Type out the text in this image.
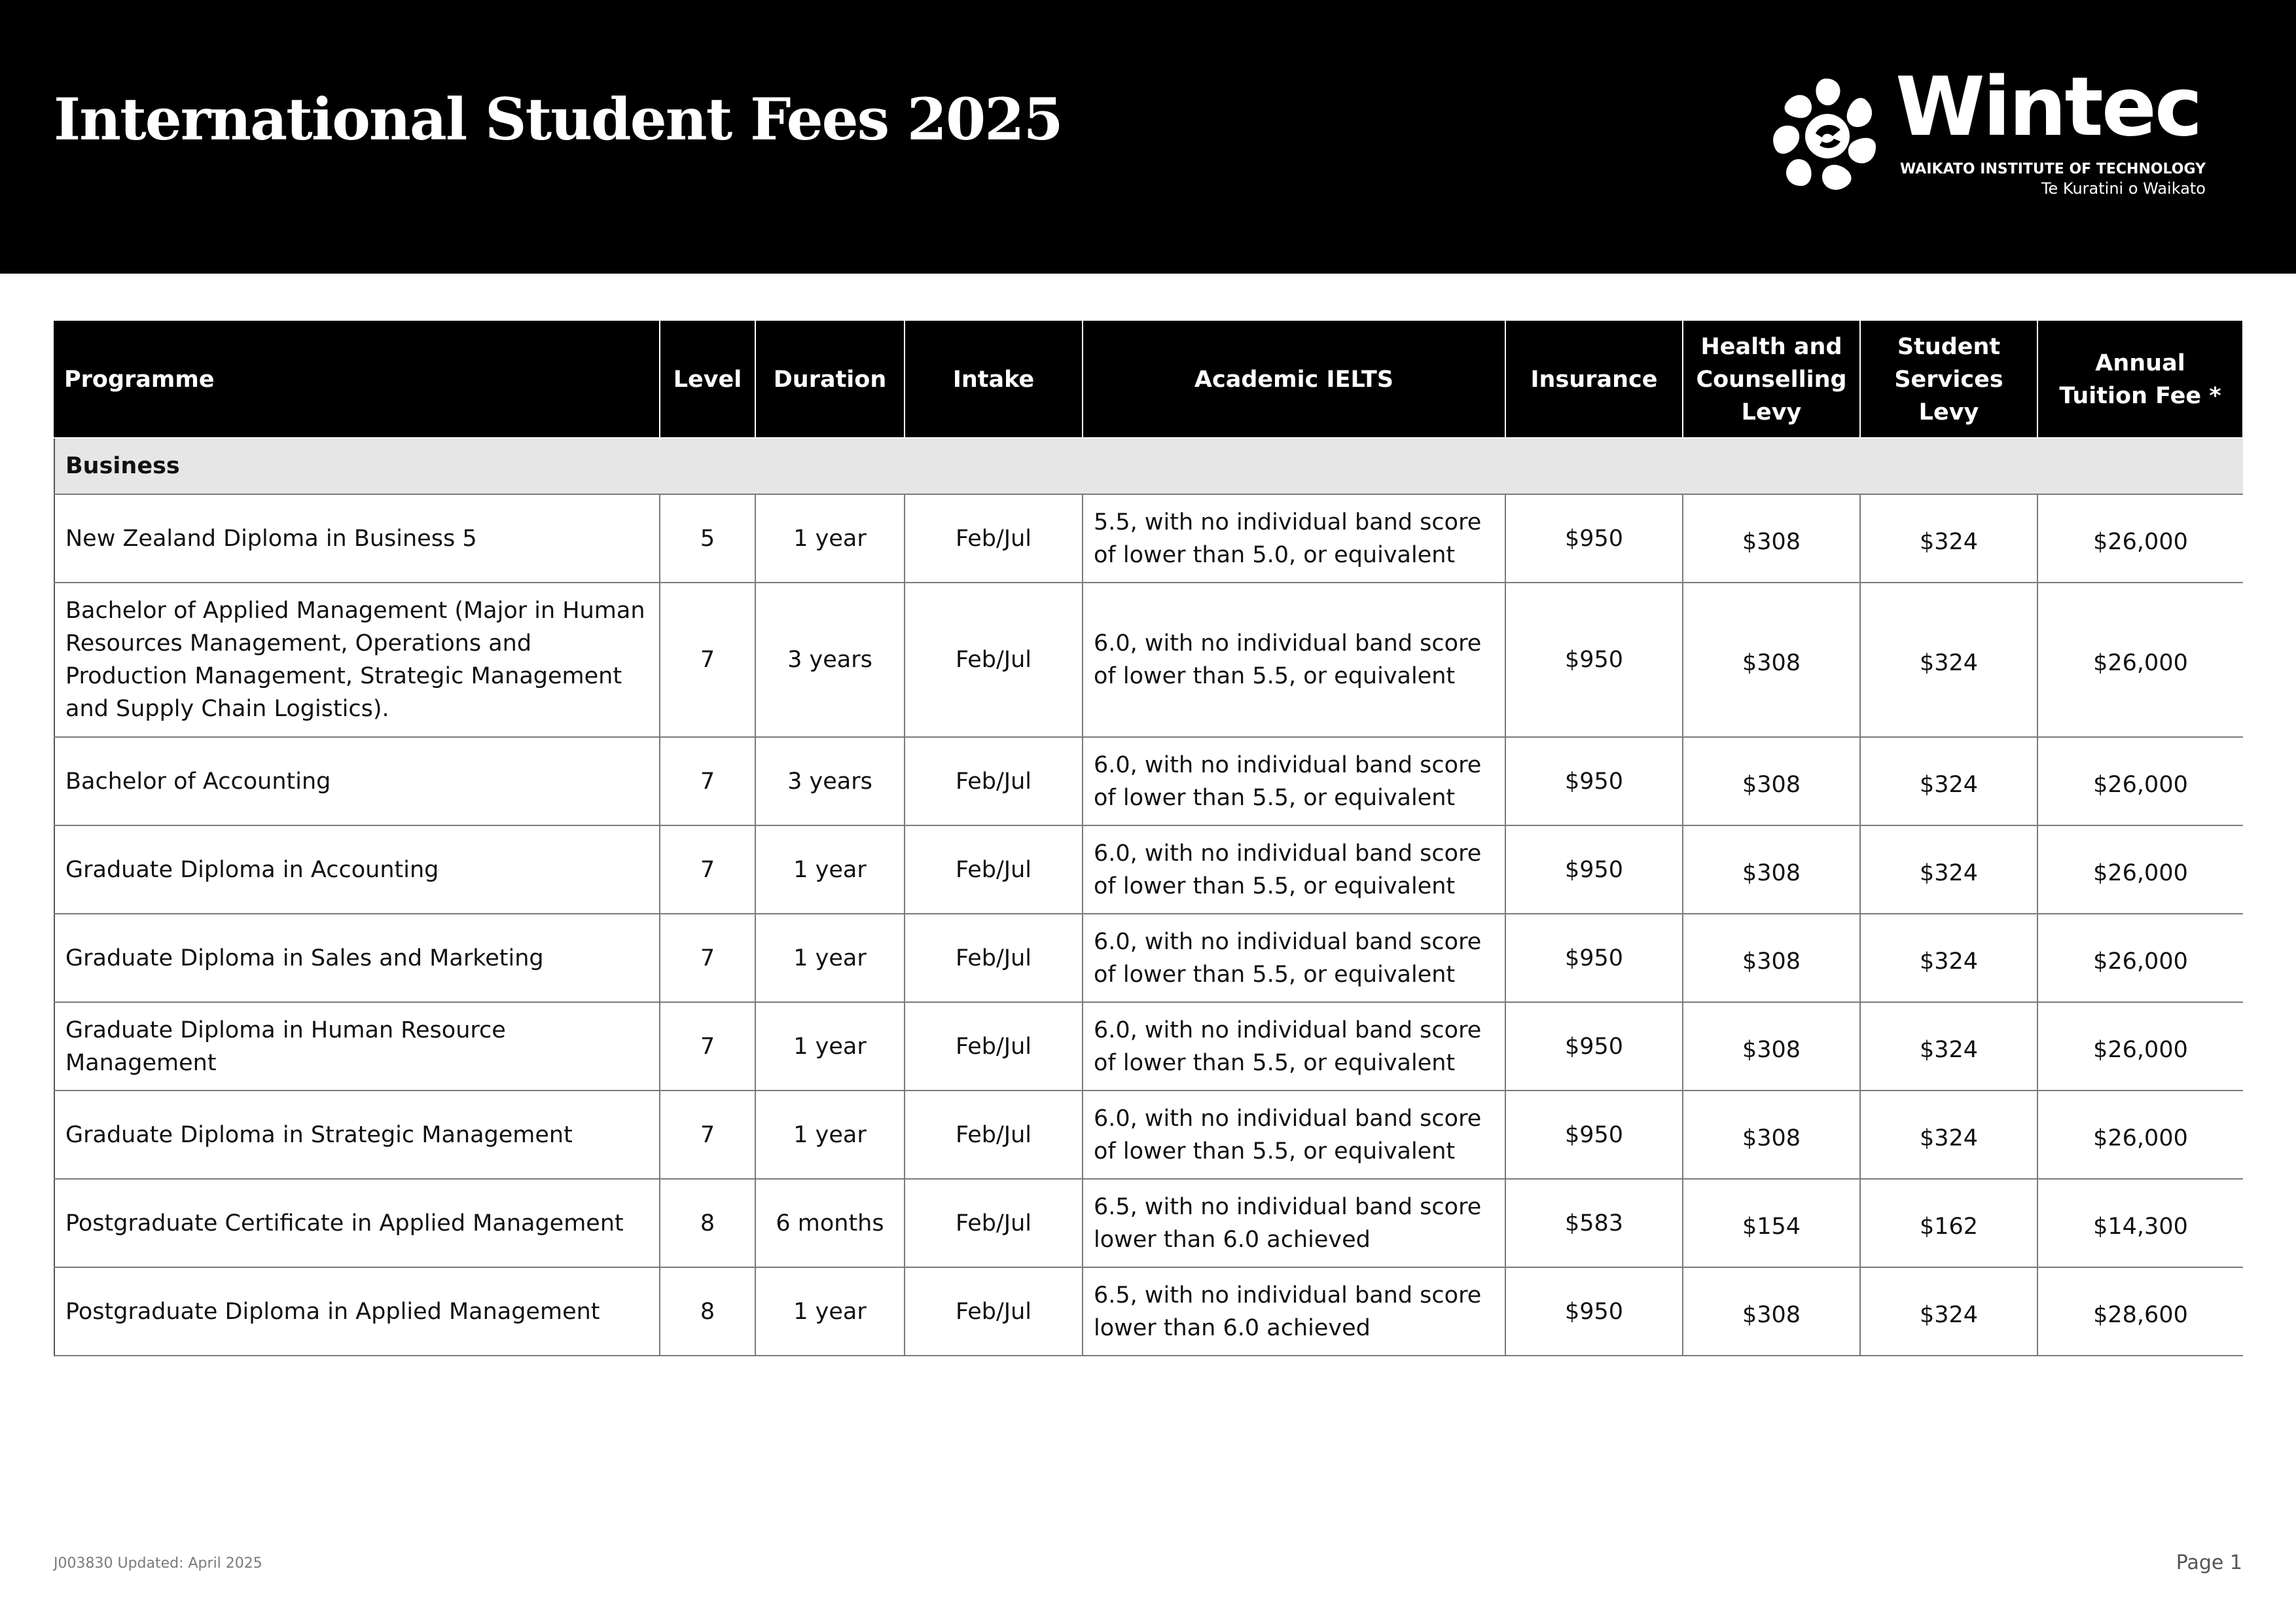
International Student Fees 2025	Wintec
WAIKATO INSTITUTE OF TECHNOLOGY
Te Kuratini o Waikato
Programme	Level	Duration	Intake	Academic IELTS	Insurance	Health and Counselling Levy	Student Services Levy	Annual Tuition Fee *
Business								
New Zealand Diploma in Business 5	5	1 year	Feb/Jul	5.5, with no individual band score of lower than 5.0, or equivalent	$950	$308	$324	$26,000
Bachelor of Applied Management (Major in Human Resources Management, Operations and Production Management, Strategic Management and Supply Chain Logistics).	7	3 years	Feb/Jul	6.0, with no individual band score of lower than 5.5, or equivalent	$950	$308	$324	$26,000
Bachelor of Accounting	7	3 years	Feb/Jul	6.0, with no individual band score of lower than 5.5, or equivalent	$950	$308	$324	$26,000
Graduate Diploma in Accounting	7	1 year	Feb/Jul	6.0, with no individual band score of lower than 5.5, or equivalent	$950	$308	$324	$26,000
Graduate Diploma in Sales and Marketing	7	1 year	Feb/Jul	6.0, with no individual band score of lower than 5.5, or equivalent	$950	$308	$324	$26,000
Graduate Diploma in Human Resource Management	7	1 year	Feb/Jul	6.0, with no individual band score of lower than 5.5, or equivalent	$950	$308	$324	$26,000
Graduate Diploma in Strategic Management	7	1 year	Feb/Jul	6.0, with no individual band score of lower than 5.5, or equivalent	$950	$308	$324	$26,000
Postgraduate Certificate in Applied Management	8	6 months	Feb/Jul	6.5, with no individual band score lower than 6.0 achieved	$583	$154	$162	$14,300
Postgraduate Diploma in Applied Management	8	1 year	Feb/Jul	6.5, with no individual band score lower than 6.0 achieved	$950	$308	$324	$28,600
J003830 Updated: April 2025	Page 1
